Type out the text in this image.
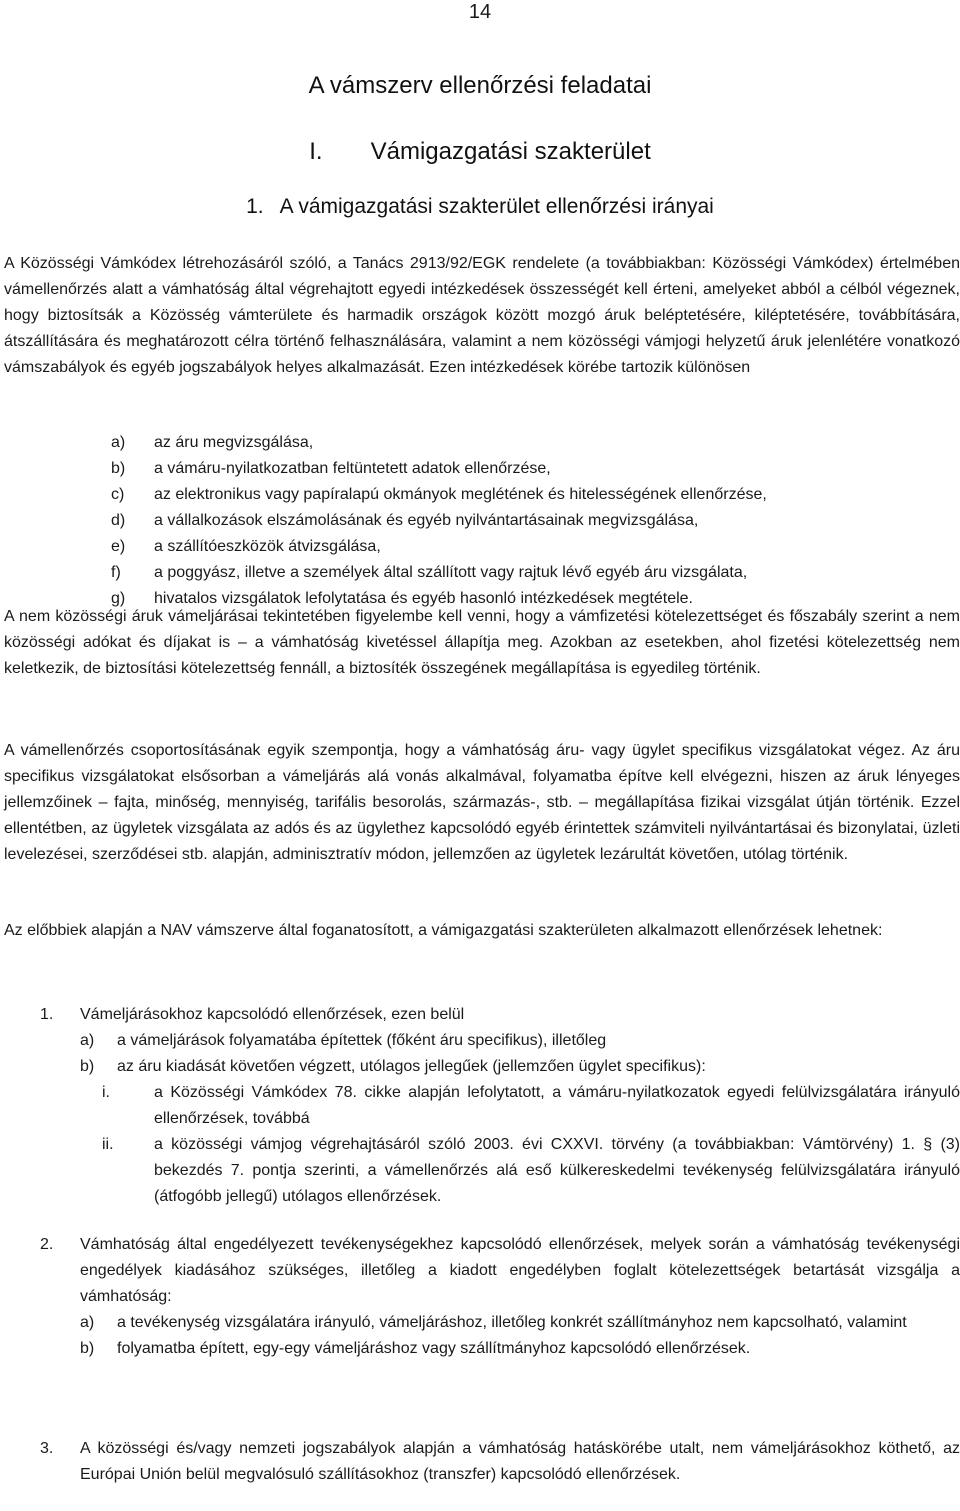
14
A vámszerv ellenőrzési feladatai
I. Vámigazgatási szakterület
1. A vámigazgatási szakterület ellenőrzési irányai

A Közösségi Vámkódex létrehozásáról szóló, a Tanács 2913/92/EGK rendelete (a továbbiakban: Közösségi Vámkódex) értelmében vámellenőrzés alatt a vámhatóság által végrehajtott egyedi intézkedések összességét kell érteni, amelyeket abból a célból végeznek, hogy biztosítsák a Közösség vámterülete és harmadik országok között mozgó áruk beléptetésére, kiléptetésére, továbbítására, átszállítására és meghatározott célra történő felhasználására, valamint a nem közösségi vámjogi helyzetű áruk jelenlétére vonatkozó vámszabályok és egyéb jogszabályok helyes alkalmazását. Ezen intézkedések körébe tartozik különösen

a) az áru megvizsgálása,
b) a vámáru-nyilatkozatban feltüntetett adatok ellenőrzése,
c) az elektronikus vagy papíralapú okmányok meglétének és hitelességének ellenőrzése,
d) a vállalkozások elszámolásának és egyéb nyilvántartásainak megvizsgálása,
e) a szállítóeszközök átvizsgálása,
f) a poggyász, illetve a személyek által szállított vagy rajtuk lévő egyéb áru vizsgálata,
g) hivatalos vizsgálatok lefolytatása és egyéb hasonló intézkedések megtétele.

A nem közösségi áruk vámeljárásai tekintetében figyelembe kell venni, hogy a vámfizetési kötelezettséget és főszabály szerint a nem közösségi adókat és díjakat is – a vámhatóság kivetéssel állapítja meg. Azokban az esetekben, ahol fizetési kötelezettség nem keletkezik, de biztosítási kötelezettség fennáll, a biztosíték összegének megállapítása is egyedileg történik.

A vámellenőrzés csoportosításának egyik szempontja, hogy a vámhatóság áru- vagy ügylet specifikus vizsgálatokat végez. Az áru specifikus vizsgálatokat elsősorban a vámeljárás alá vonás alkalmával, folyamatba építve kell elvégezni, hiszen az áruk lényeges jellemzőinek – fajta, minőség, mennyiség, tarifális besorolás, származás-, stb. – megállapítása fizikai vizsgálat útján történik. Ezzel ellentétben, az ügyletek vizsgálata az adós és az ügylethez kapcsolódó egyéb érintettek számviteli nyilvántartásai és bizonylatai, üzleti levelezései, szerződései stb. alapján, adminisztratív módon, jellemzően az ügyletek lezárultát követően, utólag történik.

Az előbbiek alapján a NAV vámszerve által foganatosított, a vámigazgatási szakterületen alkalmazott ellenőrzések lehetnek:

1. Vámeljárásokhoz kapcsolódó ellenőrzések, ezen belül
a) a vámeljárások folyamatába építettek (főként áru specifikus), illetőleg
b) az áru kiadását követően végzett, utólagos jellegűek (jellemzően ügylet specifikus):
i.	a Közösségi Vámkódex 78. cikke alapján lefolytatott, a vámáru-nyilatkozatok egyedi felülvizsgálatára irányuló ellenőrzések, továbbá
ii.	a közösségi vámjog végrehajtásáról szóló 2003. évi CXXVI. törvény (a továbbiakban: Vámtörvény) 1. § (3) bekezdés 7. pontja szerinti, a vámellenőrzés alá eső külkereskedelmi tevékenység felülvizsgálatára irányuló (átfogóbb jellegű) utólagos ellenőrzések.
2. Vámhatóság által engedélyezett tevékenységekhez kapcsolódó ellenőrzések, melyek során a vámhatóság tevékenységi engedélyek kiadásához szükséges, illetőleg a kiadott engedélyben foglalt kötelezettségek betartását vizsgálja a vámhatóság:
a) a tevékenység vizsgálatára irányuló, vámeljáráshoz, illetőleg konkrét szállítmányhoz nem kapcsolható, valamint
b) folyamatba épített, egy-egy vámeljáráshoz vagy szállítmányhoz kapcsolódó ellenőrzések.
3. A közösségi és/vagy nemzeti jogszabályok alapján a vámhatóság hatáskörébe utalt, nem vámeljárásokhoz köthető, az Európai Unión belül megvalósuló szállításokhoz (transzfer) kapcsolódó ellenőrzések.
